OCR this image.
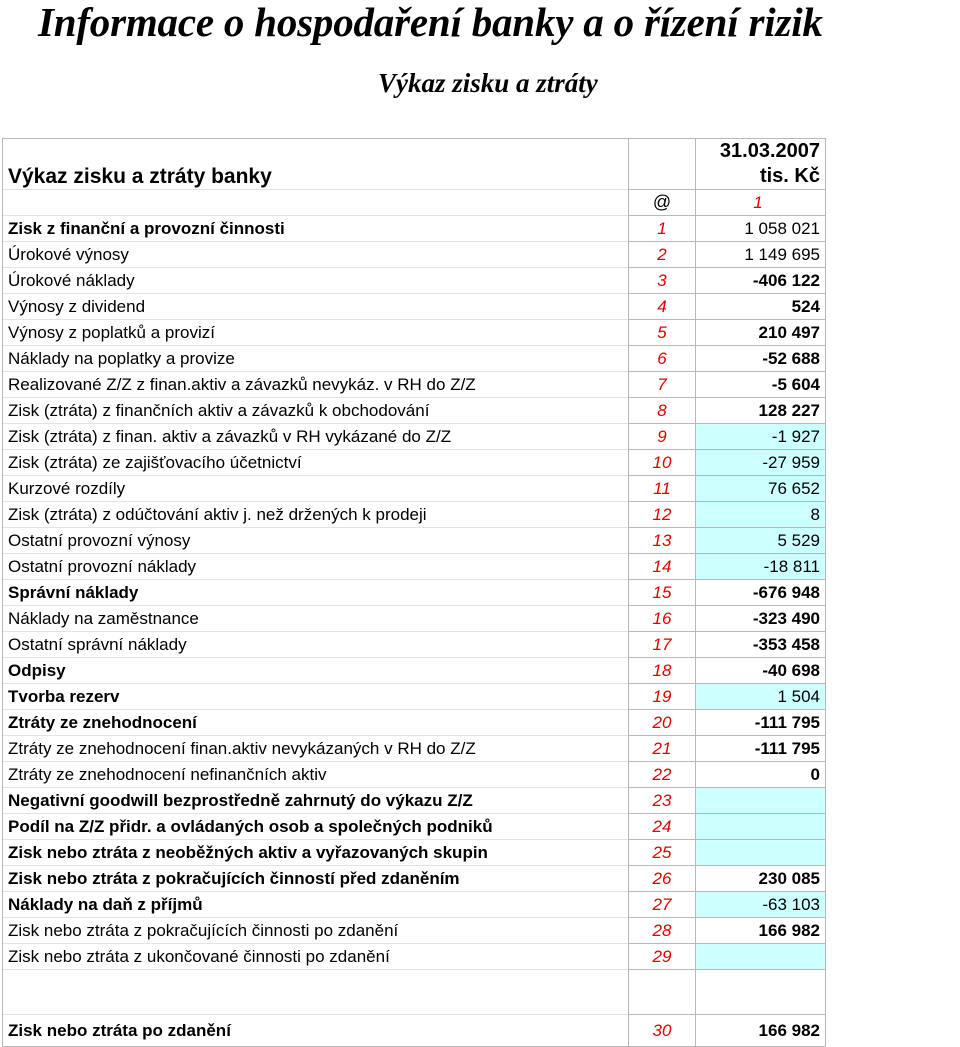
Informace o hospodaření banky a o řízení rizik
Výkaz zisku a ztráty
		31.03.2007
Výkaz zisku a ztráty banky		tis. Kč
	@	1
Zisk z finanční a provozní činnosti	1	1 058 021
Úrokové výnosy	2	1 149 695
Úrokové náklady	3	-406 122
Výnosy z dividend	4	524
Výnosy z poplatků a provizí	5	210 497
Náklady na poplatky a provize	6	-52 688
Realizované Z/Z z finan.aktiv a závazků nevykáz. v RH do Z/Z	7	-5 604
Zisk (ztráta) z finančních aktiv a závazků k obchodování	8	128 227
Zisk (ztráta) z finan. aktiv a závazků v RH vykázané do Z/Z	9	-1 927
Zisk (ztráta) ze zajišťovacího účetnictví	10	-27 959
Kurzové rozdíly	11	76 652
Zisk (ztráta) z odúčtování aktiv j. než držených k prodeji	12	8
Ostatní provozní výnosy	13	5 529
Ostatní provozní náklady	14	-18 811
Správní náklady	15	-676 948
Náklady na zaměstnance	16	-323 490
Ostatní správní náklady	17	-353 458
Odpisy	18	-40 698
Tvorba rezerv	19	1 504
Ztráty ze znehodnocení	20	-111 795
Ztráty ze znehodnocení finan.aktiv nevykázaných v RH do Z/Z	21	-111 795
Ztráty ze znehodnocení nefinančních aktiv	22	0
Negativní goodwill bezprostředně zahrnutý do výkazu Z/Z	23	
Podíl na Z/Z přidr. a ovládaných osob a společných podniků	24	
Zisk nebo ztráta z neoběžných aktiv a vyřazovaných skupin	25	
Zisk nebo ztráta z pokračujících činností před zdaněním	26	230 085
Náklady na daň z příjmů	27	-63 103
Zisk nebo ztráta z pokračujících činnosti po zdanění	28	166 982
Zisk nebo ztráta z ukončované činnosti po zdanění	29	

Zisk nebo ztráta po zdanění	30	166 982
